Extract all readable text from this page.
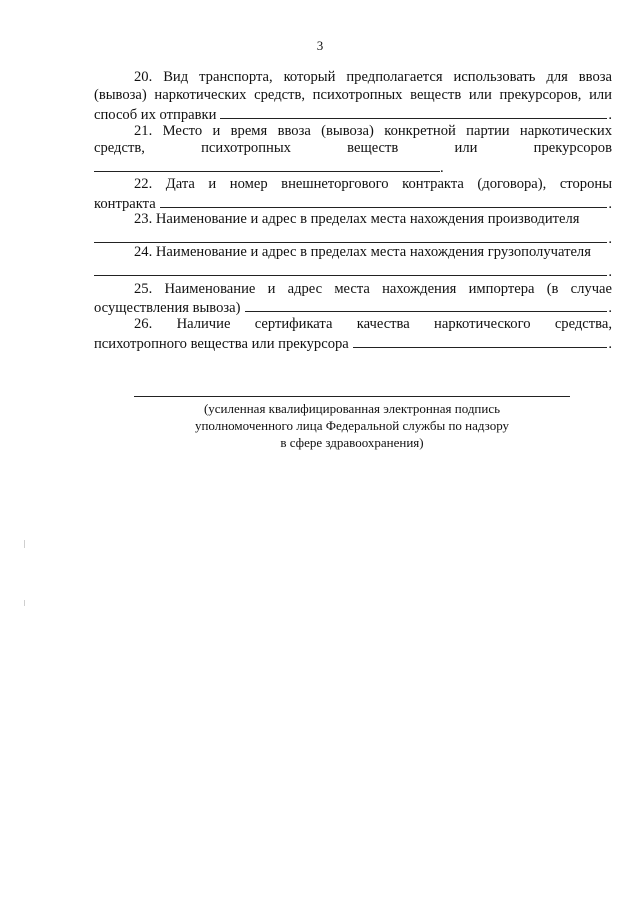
3
20. Вид транспорта, который предполагается использовать для ввоза
(вывоза) наркотических средств, психотропных веществ или прекурсоров, или
способ их отправки	.
21. Место и время ввоза (вывоза) конкретной партии наркотических
средств, психотропных веществ или прекурсоров
.
22. Дата и номер внешнеторгового контракта (договора), стороны
контракта	.
23. Наименование и адрес в пределах места нахождения производителя
.
24. Наименование и адрес в пределах места нахождения грузополучателя
.
25. Наименование и адрес места нахождения импортера (в случае
осуществления вывоза)	.
26. Наличие сертификата качества наркотического средства,
психотропного вещества или прекурсора	.
(усиленная квалифицированная электронная подпись
уполномоченного лица Федеральной службы по надзору
в сфере здравоохранения)
